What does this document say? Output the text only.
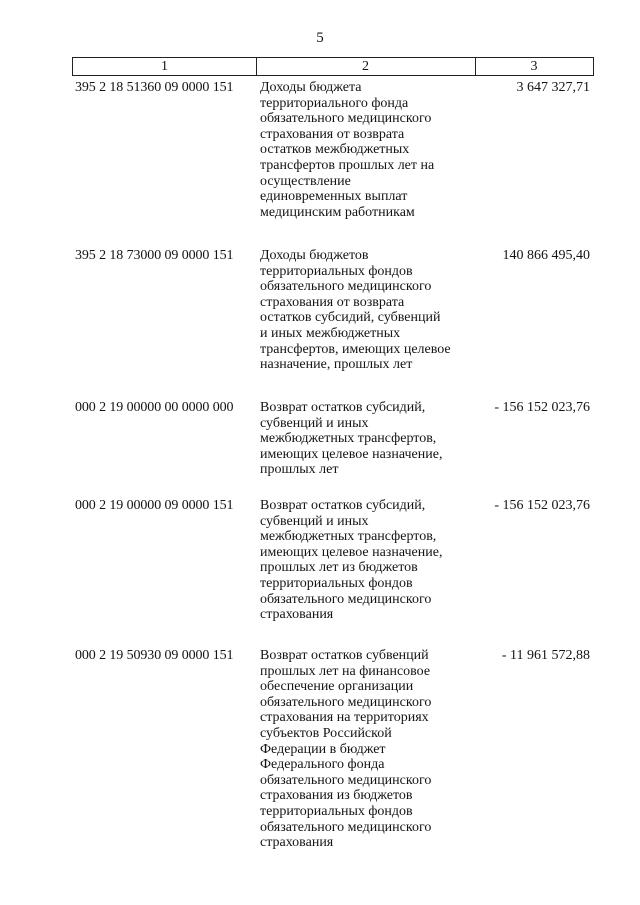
5
1	2	3
395 2 18 51360 09 0000 151 Доходы бюджета
территориального фонда
обязательного медицинского
страхования от возврата
остатков межбюджетных
трансфертов прошлых лет на
осуществление
единовременных выплат
медицинским работникам
3 647 327,71
395 2 18 73000 09 0000 151 Доходы бюджетов
территориальных фондов
обязательного медицинского
страхования от возврата
остатков субсидий, субвенций
и иных межбюджетных
трансфертов, имеющих целевое
назначение, прошлых лет
140 866 495,40
000 2 19 00000 00 0000 000 Возврат остатков субсидий,
субвенций и иных
межбюджетных трансфертов,
имеющих целевое назначение,
прошлых лет
- 156 152 023,76
000 2 19 00000 09 0000 151 Возврат остатков субсидий,
субвенций и иных
межбюджетных трансфертов,
имеющих целевое назначение,
прошлых лет из бюджетов
территориальных фондов
обязательного медицинского
страхования
- 156 152 023,76
000 2 19 50930 09 0000 151 Возврат остатков субвенций
прошлых лет на финансовое
обеспечение организации
обязательного медицинского
страхования на территориях
субъектов Российской
Федерации в бюджет
Федерального фонда
обязательного медицинского
страхования из бюджетов
территориальных фондов
обязательного медицинского
страхования
- 11 961 572,88
